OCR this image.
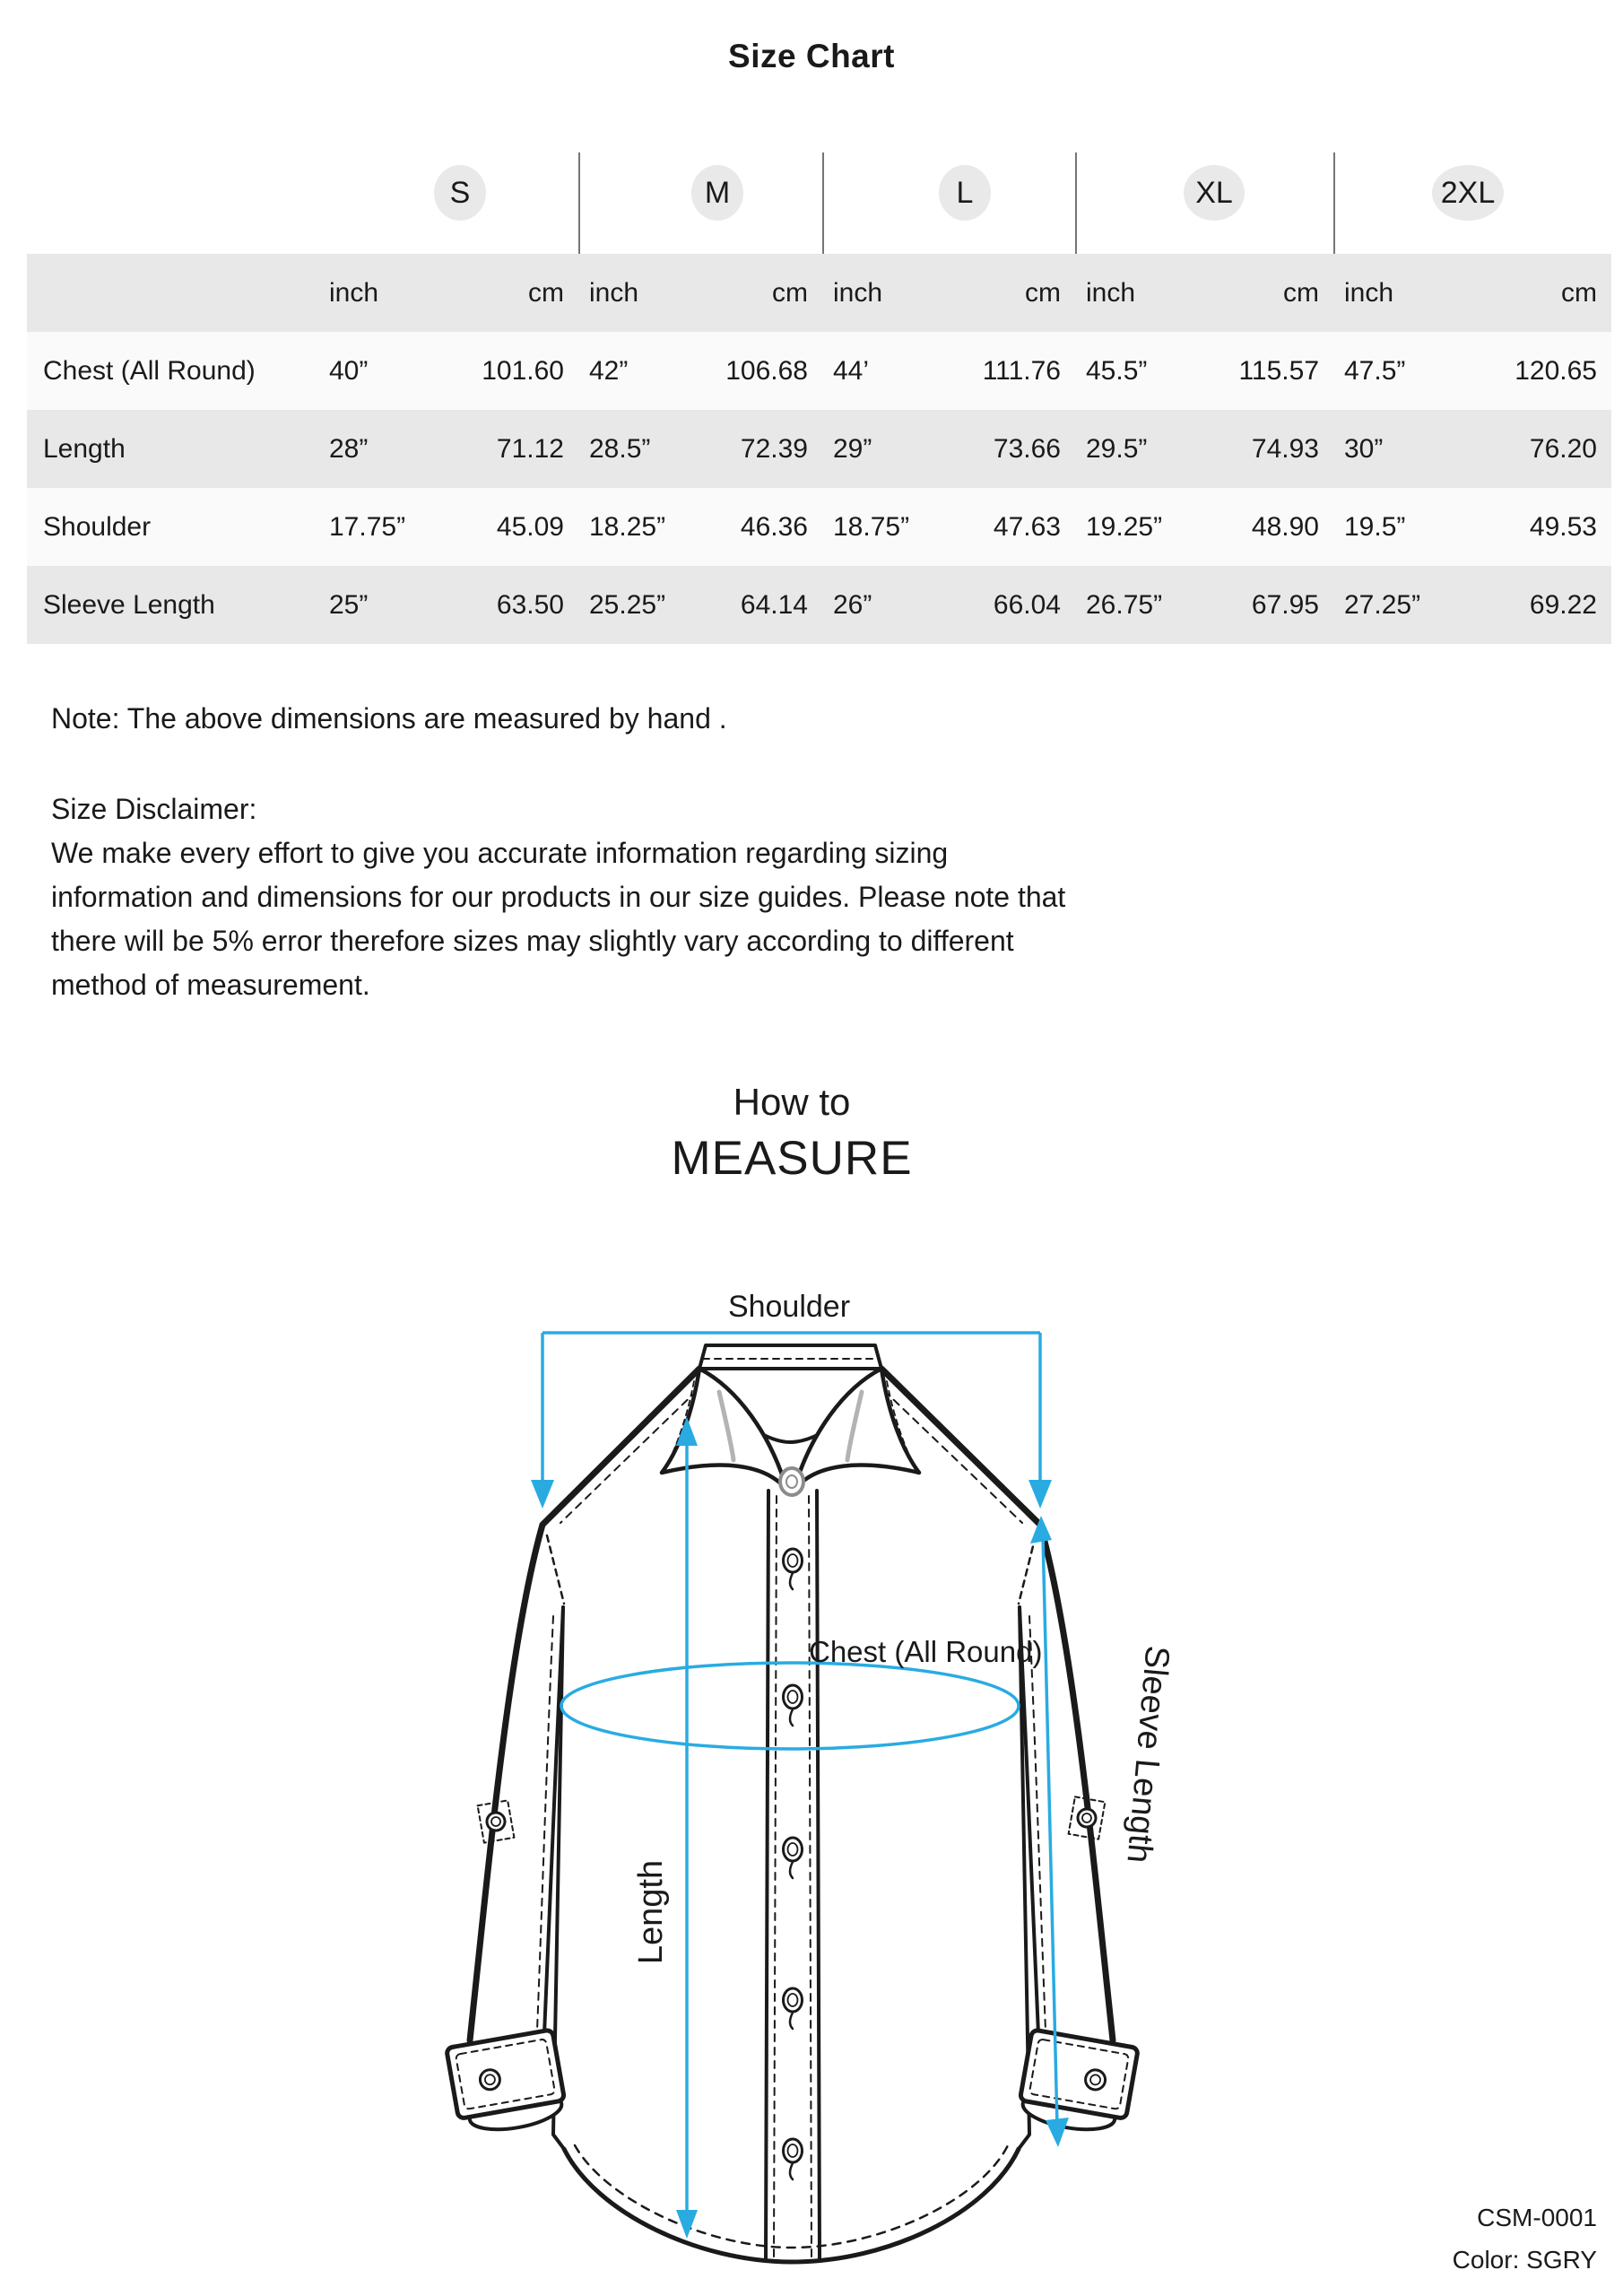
Size Chart
S	M	L	XL	2XL
inch	cm inch	cm inch	cm inch	cm inch	cm
Chest (All Round)	40”	101.60 42”	106.68 44’	111.76 45.5”	115.57 47.5”	120.65
Length	28”	71.12 28.5”	72.39 29”	73.66 29.5”	74.93 30”	76.20
Shoulder	17.75”	45.09 18.25”	46.36 18.75”	47.63 19.25”	48.90 19.5”	49.53
Sleeve Length	25”	63.50 25.25”	64.14 26”	66.04 26.75”	67.95 27.25”	69.22
Note: The above dimensions are measured by hand .
Size Disclaimer:
We make every effort to give you accurate information regarding sizing
information and dimensions for our products in our size guides. Please note that
there will be 5% error therefore sizes may slightly vary according to different
method of measurement.
How to
MEASURE
Shoulder
Chest (All Round)
Length
Sleeve Length
CSM-0001
Color: SGRY
